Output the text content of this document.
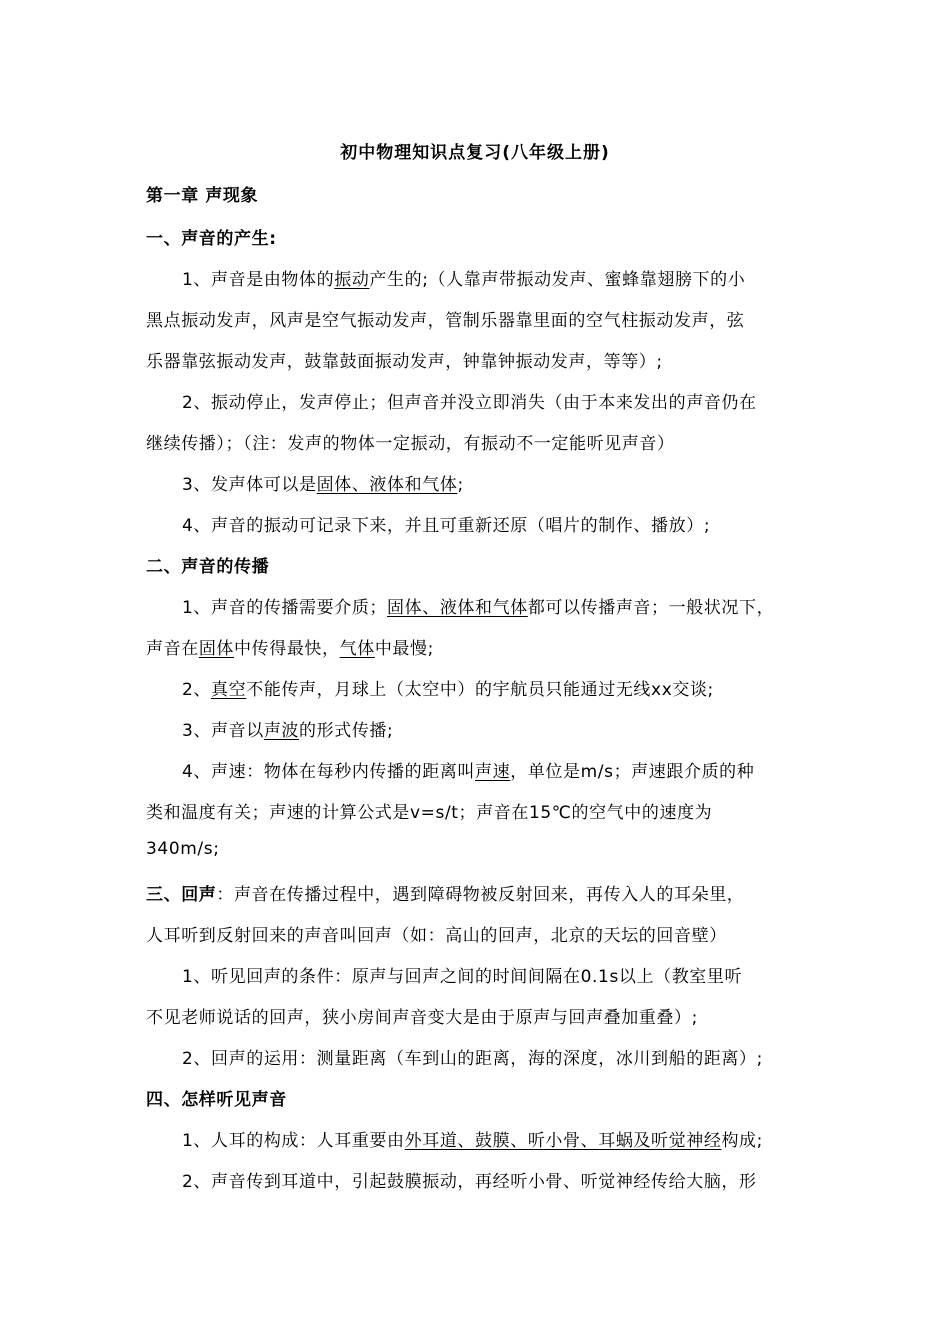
初中物理知识点复习(八年级上册)
第一章 声现象
一、声音的产生:
1、声音是由物体的振动产生的;（人靠声带振动发声、蜜蜂靠翅膀下的小
黑点振动发声，风声是空气振动发声，管制乐器靠里面的空气柱振动发声，弦
乐器靠弦振动发声，鼓靠鼓面振动发声，钟靠钟振动发声，等等）;
2、振动停止，发声停止；但声音并没立即消失（由于本来发出的声音仍在
继续传播）；（注：发声的物体一定振动，有振动不一定能听见声音）
3、发声体可以是固体、液体和气体;
4、声音的振动可记录下来，并且可重新还原（唱片的制作、播放）;
二、声音的传播
1、声音的传播需要介质；固体、液体和气体都可以传播声音；一般状况下，
声音在固体中传得最快，气体中最慢;
2、真空不能传声，月球上（太空中）的宇航员只能通过无线xx交谈;
3、声音以声波的形式传播;
4、声速：物体在每秒内传播的距离叫声速，单位是m/s；声速跟介质的种
类和温度有关；声速的计算公式是v=s/t；声音在15℃的空气中的速度为
340m/s;
三、回声：声音在传播过程中，遇到障碍物被反射回来，再传入人的耳朵里，
人耳听到反射回来的声音叫回声（如：高山的回声，北京的天坛的回音壁）
1、听见回声的条件：原声与回声之间的时间间隔在0.1s以上（教室里听
不见老师说话的回声，狭小房间声音变大是由于原声与回声叠加重叠）;
2、回声的运用：测量距离（车到山的距离，海的深度，冰川到船的距离）;
四、怎样听见声音
1、人耳的构成：人耳重要由外耳道、鼓膜、听小骨、耳蜗及听觉神经构成;
2、声音传到耳道中，引起鼓膜振动，再经听小骨、听觉神经传给大脑，形
